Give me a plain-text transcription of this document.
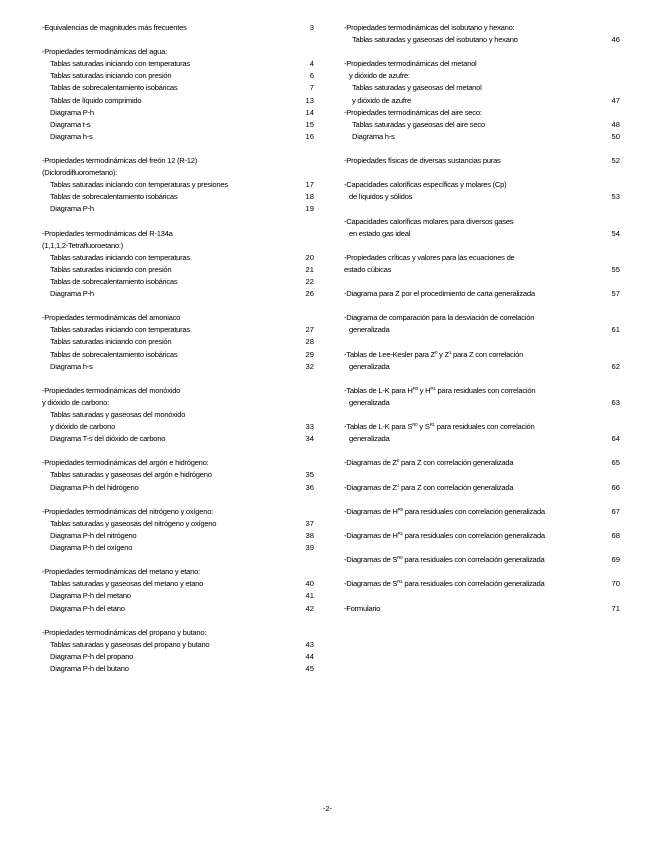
-Equivalencias de magnitudes más frecuentes	3
-Propiedades termodinámicas del agua:
Tablas saturadas iniciando con temperaturas	4
Tablas saturadas iniciando con presión	6
Tablas de sobrecalentamiento isobáricas	7
Tablas de líquido comprimido	13
Diagrama P-h	14
Diagrama t-s	15
Diagrama h-s	16
-Propiedades termodinámicas del freón 12 (R-12)
(Diclorodifluorometano):
Tablas saturadas iniciando con temperaturas y presiones	17
Tablas de sobrecalentamiento isobáricas	18
Diagrama P-h	19
-Propiedades termodinámicas del R-134a
(1,1,1,2-Tetrafluoroetano:)
Tablas saturadas iniciando con temperaturas	20
Tablas saturadas iniciando con presión	21
Tablas de sobrecalentamiento isobáricas	22
Diagrama P-h	26
-Propiedades termodinámicas del amoniaco
Tablas saturadas iniciando con temperaturas	27
Tablas saturadas iniciando con presión	28
Tablas de sobrecalentamiento isobáricas	29
Diagrama h-s	32
-Propiedades termodinámicas del monóxido
y dióxido de carbono:
Tablas saturadas y gaseosas del monóxido
y dióxido de carbono	33
Diagrama T-s del dióxido de carbono	34
-Propiedades termodinámicas del argón e hidrógeno:
Tablas saturadas y gaseosas del argón e hidrógeno	35
Diagrama P-h del hidrógeno	36
-Propiedades termodinámicas del nitrógeno y oxígeno:
Tablas saturadas y gaseosas del nitrógeno y oxígeno	37
Diagrama P-h del nitrógeno	38
Diagrama P-h del oxígeno	39
-Propiedades termodinámicas del metano y etano:
Tablas saturadas y gaseosas del metano y etano	40
Diagrama P-h del metano	41
Diagrama P-h del etano	42
-Propiedades termodinámicas del propano y butano:
Tablas saturadas y gaseosas del propano y butano	43
Diagrama P-h del propano	44
Diagrama P-h del butano	45
-Propiedades termodinámicas del isobutano y hexano:
Tablas saturadas y gaseosas del isobutano y hexano	46
-Propiedades termodinámicas del metanol
y dióxido de azufre:
Tablas saturadas y gaseosas del metanol
y dióxido de azufre	47
-Propiedades termodinámicas del aire seco:
Tablas saturadas y gaseosas del aire seco	48
Diagrama h-s	50
-Propiedades físicas de diversas sustancias puras	52
-Capacidades caloríficas específicas y molares (Cp)
de líquidos y sólidos	53
-Capacidades caloríficas molares para diversos gases
en estado gas ideal	54
-Propiedades críticas y valores para las ecuaciones de
estado cúbicas	55
-Diagrama para Z por el procedimiento de carta generalizada	57
-Diagrama de comparación para la desviación de correlación
generalizada	61
-Tablas de Lee-Kesler para $Z^0$ y $Z^1$ para Z con correlación
generalizada	62
-Tablas de L-K para $H^{R0}$ y $H^{R1}$ para residuales con correlación
generalizada	63
-Tablas de L-K para $S^{R0}$ y $S^{R1}$ para residuales con correlación
generalizada	64
-Diagramas de $Z^0$ para Z con correlación generalizada	65
-Diagramas de $Z^1$ para Z con correlación generalizada	66
-Diagramas de $H^{R0}$ para residuales con correlación generalizada	67
-Diagramas de $H^{R1}$ para residuales con correlación generalizada	68
-Diagramas de $S^{R0}$ para residuales con correlación generalizada	69
-Diagramas de $S^{R1}$ para residuales con correlación generalizada	70
-Formulario	71
-2-
